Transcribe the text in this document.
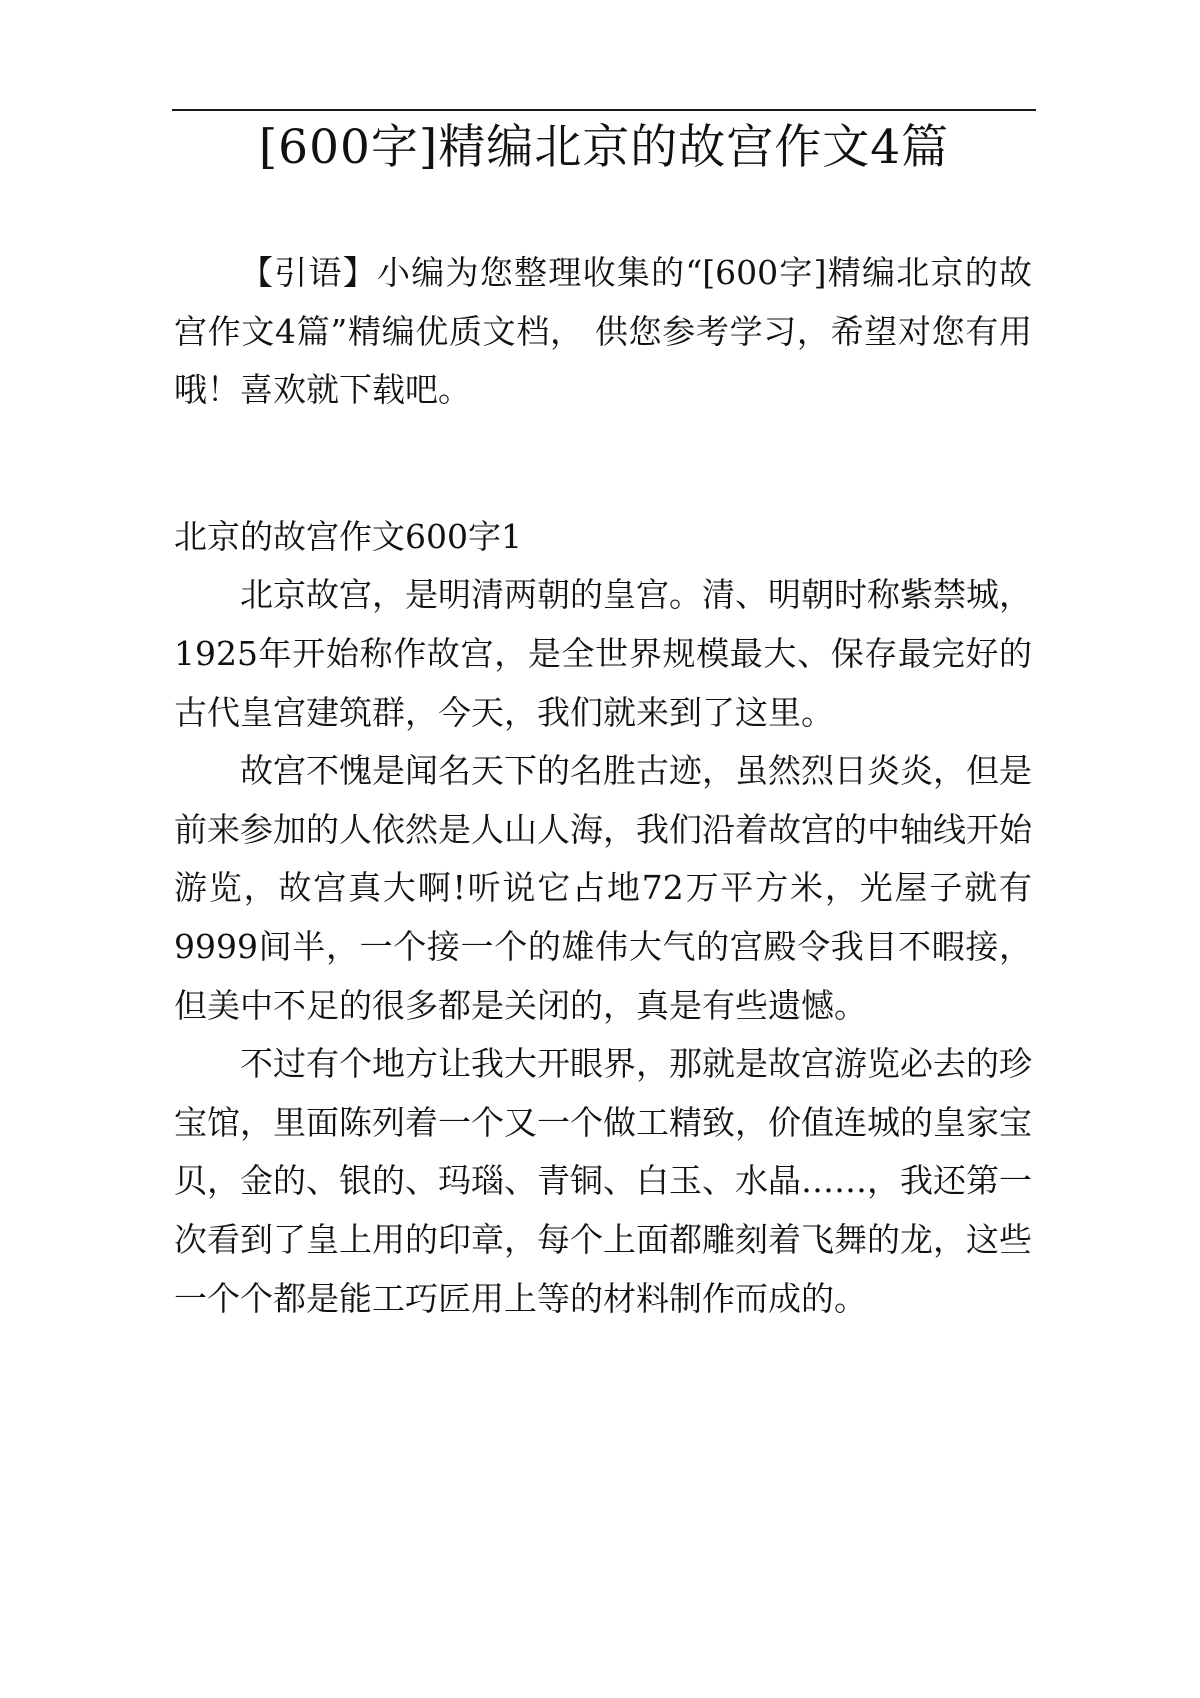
[600字]精编北京的故宫作文4篇

【引语】小编为您整理收集的“[600字]精编北京的故宫作文4篇”精编优质文档， 供您参考学习，希望对您有用哦！喜欢就下载吧。

北京的故宫作文600字1

北京故宫，是明清两朝的皇宫。清、明朝时称紫禁城，1925年开始称作故宫，是全世界规模最大、保存最完好的古代皇宫建筑群，今天，我们就来到了这里。

故宫不愧是闻名天下的名胜古迹，虽然烈日炎炎，但是前来参加的人依然是人山人海，我们沿着故宫的中轴线开始游览，故宫真大啊!听说它占地72万平方米，光屋子就有9999间半，一个接一个的雄伟大气的宫殿令我目不暇接，但美中不足的很多都是关闭的，真是有些遗憾。

不过有个地方让我大开眼界，那就是故宫游览必去的珍宝馆，里面陈列着一个又一个做工精致，价值连城的皇家宝贝，金的、银的、玛瑙、青铜、白玉、水晶……，我还第一次看到了皇上用的印章，每个上面都雕刻着飞舞的龙，这些一个个都是能工巧匠用上等的材料制作而成的。
